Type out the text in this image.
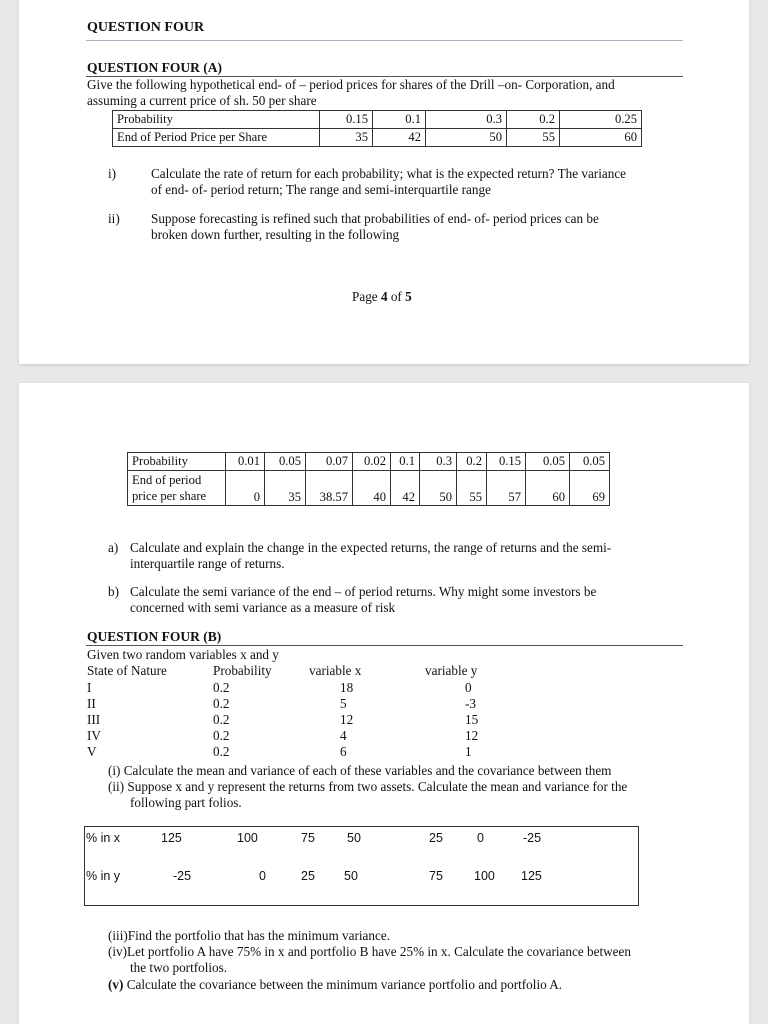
QUESTION FOUR
QUESTION FOUR (A)
Give the following hypothetical end- of – period prices for shares of the Drill –on- Corporation, and
assuming a current price of sh. 50 per share
Probability	0.15	0.1	0.3	0.2	0.25
End of Period Price per Share	35	42	50	55	60
i)	Calculate the rate of return for each probability; what is the expected return? The variance
of end- of- period return; The range and semi-interquartile range
ii) Suppose forecasting is refined such that probabilities of end- of- period prices can be
broken down further, resulting in the following
Page 4 of 5
Probability	0.01	0.05	0.07	0.02	0.1	0.3	0.2	0.15	0.05	0.05
End of period
price per share	0	35	38.57	40	42	50	55	57	60	69
a) Calculate and explain the change in the expected returns, the range of returns and the semi-
interquartile range of returns.
b) Calculate the semi variance of the end – of period returns. Why might some investors be
concerned with semi variance as a measure of risk
QUESTION FOUR (B)
Given two random variables x and y
State of Nature	Probability	variable x	variable y
I	0.2	18	0
II	0.2	5	-3
III	0.2	12	15
IV	0.2	4	12
V	0.2	6	1
(i) Calculate the mean and variance of each of these variables and the covariance between them
(ii) Suppose x and y represent the returns from two assets. Calculate the mean and variance for the
following part folios.
% in x	125	100	75	50	25	0	-25
% in y	-25	0	25 50	75 100 125
(iii)Find the portfolio that has the minimum variance.
(iv)Let portfolio A have 75% in x and portfolio B have 25% in x. Calculate the covariance between
the two portfolios.
(v) Calculate the covariance between the minimum variance portfolio and portfolio A.
